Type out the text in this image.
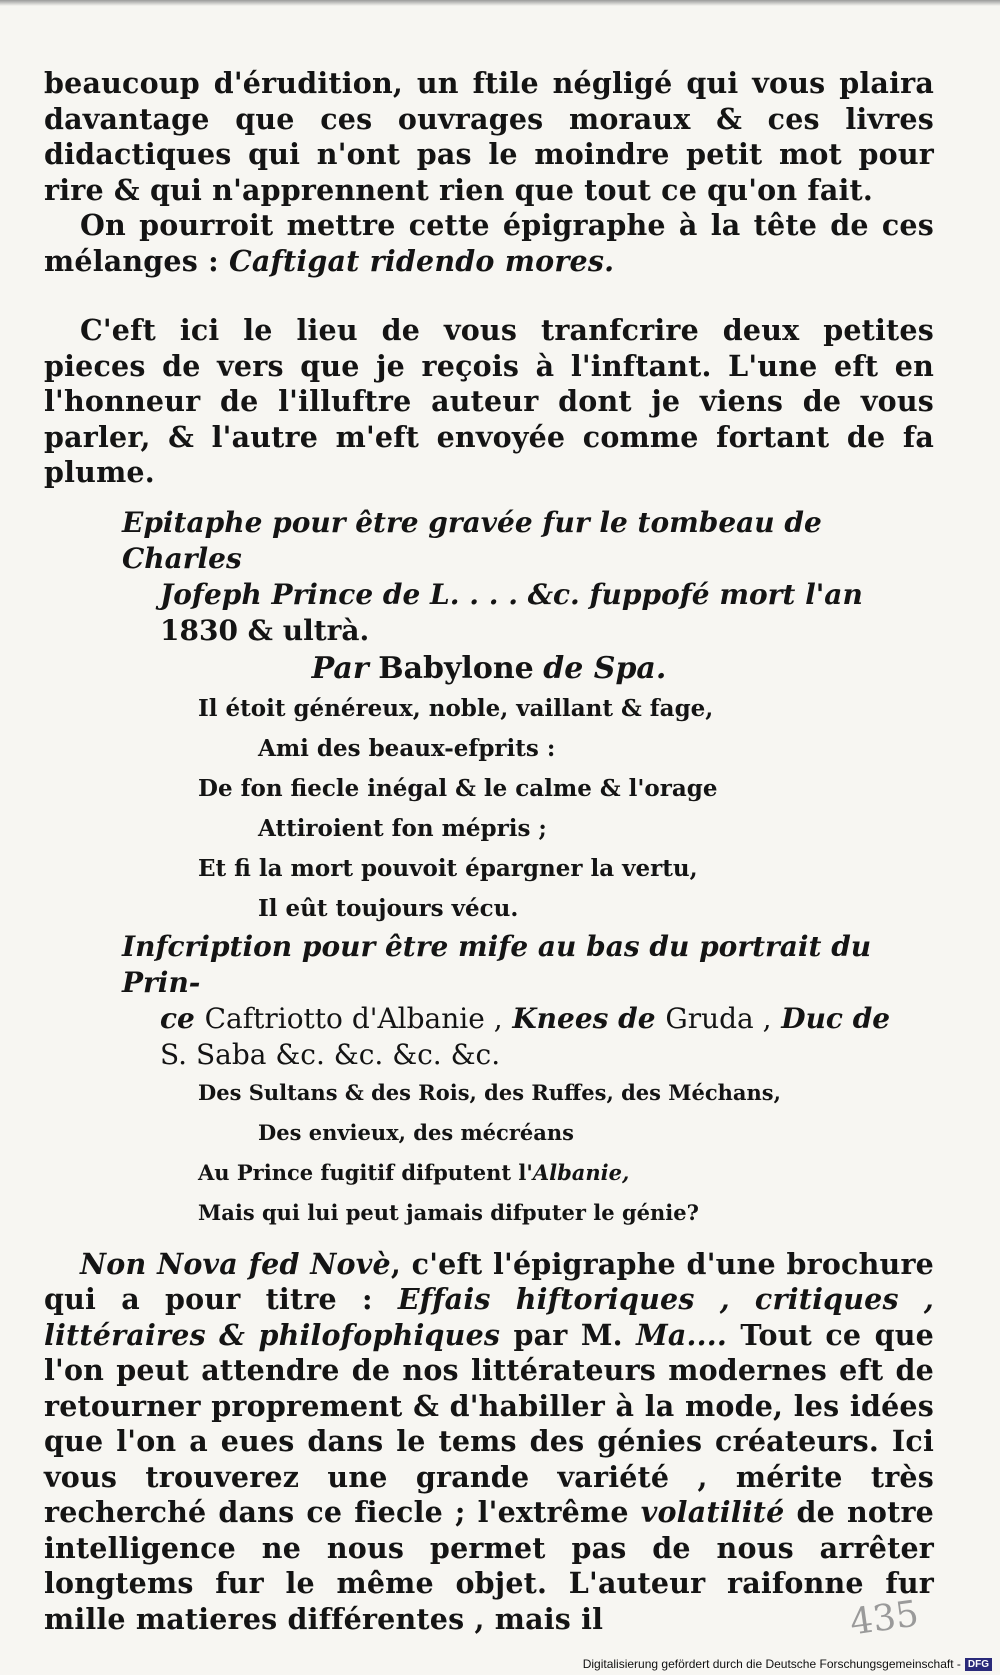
beaucoup d'érudition, un ftile négligé qui vous plaira davantage que ces ouvrages moraux & ces livres didactiques qui n'ont pas le moindre petit mot pour rire & qui n'apprennent rien que tout ce qu'on fait.

On pourroit mettre cette épigraphe à la tête de ces mélanges : Caftigat ridendo mores.

C'eft ici le lieu de vous tranfcrire deux petites pieces de vers que je reçois à l'inftant. L'une eft en l'honneur de l'illuftre auteur dont je viens de vous parler, & l'autre m'eft envoyée comme fortant de fa plume.

Epitaphe pour être gravée fur le tombeau de Charles
Jofeph Prince de L. . . . &c. fuppofé mort l'an
1830 & ultrà.

Par Babylone de Spa.

Il étoit généreux, noble, vaillant & fage,
Ami des beaux-efprits :
De fon fiecle inégal & le calme & l'orage
Attiroient fon mépris ;
Et fi la mort pouvoit épargner la vertu,
Il eût toujours vécu.

Infcription pour être mife au bas du portrait du Prin-
ce Caftriotto d'Albanie , Knees de Gruda , Duc de
S. Saba &c. &c. &c. &c.

Des Sultans & des Rois, des Ruffes, des Méchans,
Des envieux, des mécréans
Au Prince fugitif difputent l'Albanie,
Mais qui lui peut jamais difputer le génie?

Non Nova fed Novè, c'eft l'épigraphe d'une brochure qui a pour titre : Effais hiftoriques , critiques , littéraires & philofophiques par M. Ma.... Tout ce que l'on peut attendre de nos littérateurs modernes eft de retourner proprement & d'habiller à la mode, les idées que l'on a eues dans le tems des génies créateurs. Ici vous trouverez une grande variété , mérite très recherché dans ce fiecle ; l'extrême volatilité de notre intelligence ne nous permet pas de nous arrêter longtems fur le même objet. L'auteur raifonne fur mille matieres différentes , mais il	435
Digitalisierung gefördert durch die Deutsche Forschungsgemeinschaft - DFG
